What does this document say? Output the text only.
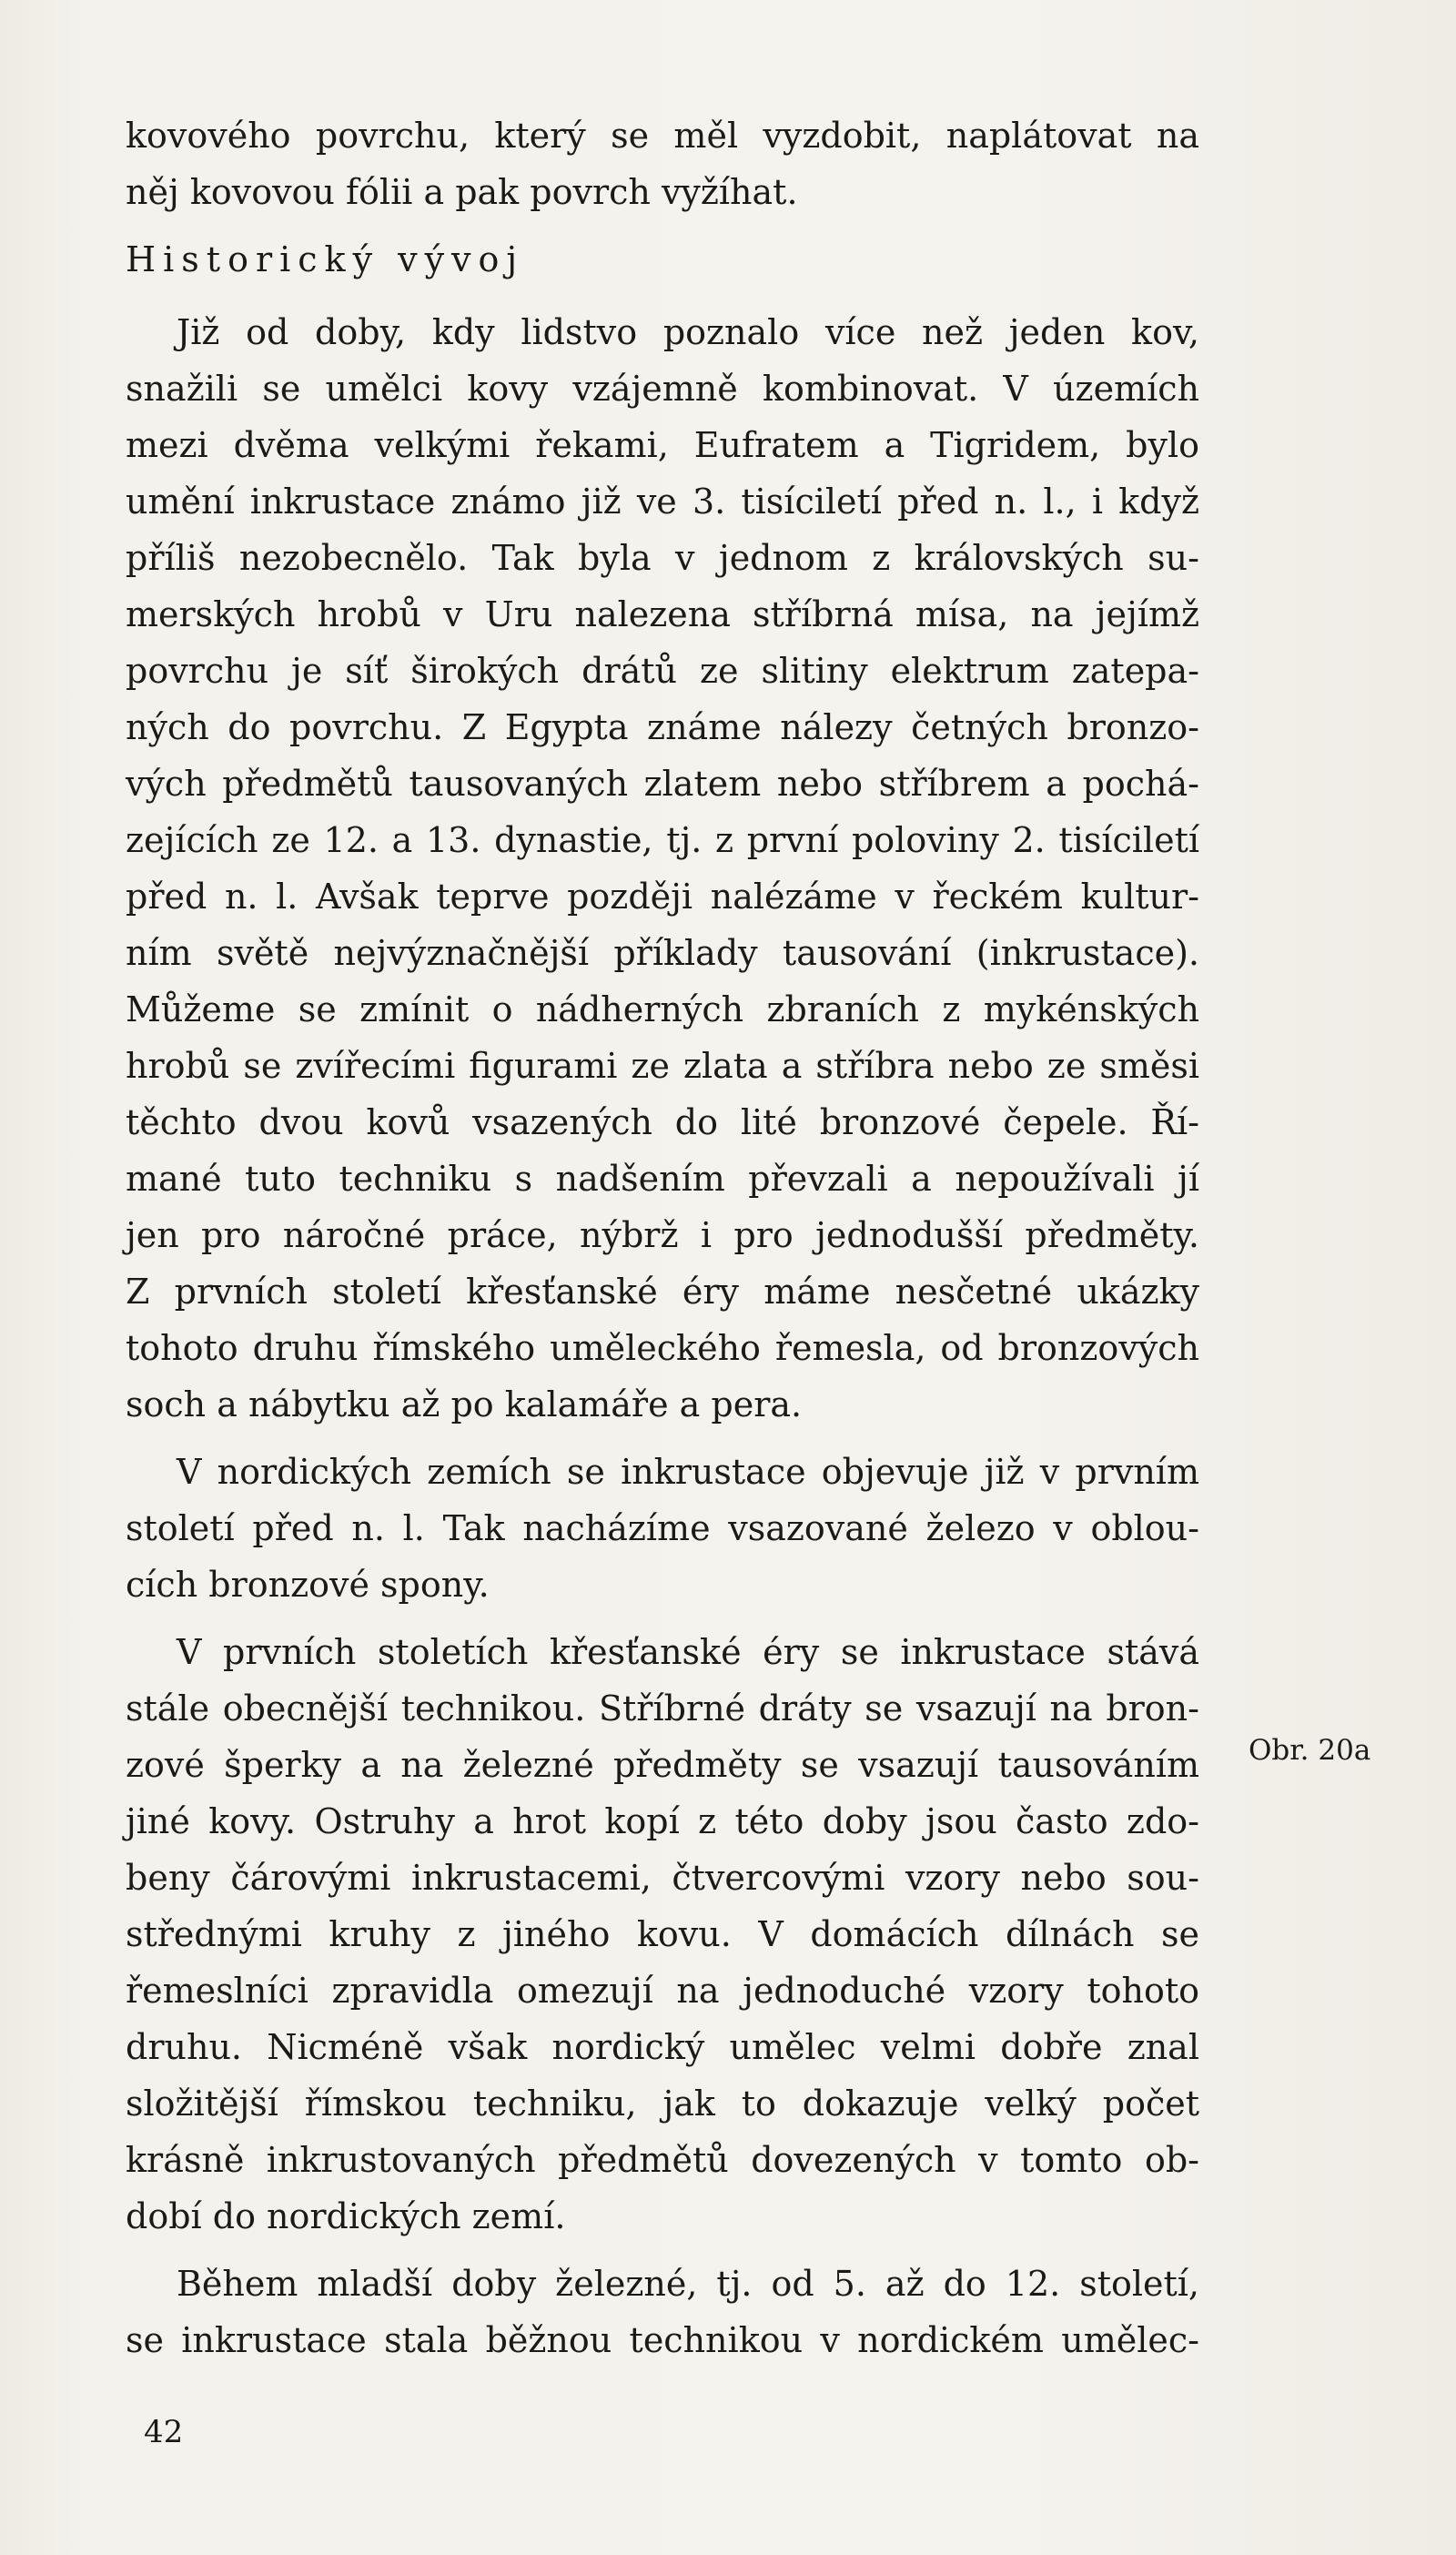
kovového povrchu, který se měl vyzdobit, naplátovat na
něj kovovou fólii a pak povrch vyžíhat.
Historický vývoj
Již od doby, kdy lidstvo poznalo více než jeden kov,
snažili se umělci kovy vzájemně kombinovat. V územích
mezi dvěma velkými řekami, Eufratem a Tigridem, bylo
umění inkrustace známo již ve 3. tisíciletí před n. l., i když
příliš nezobecnělo. Tak byla v jednom z královských su-
merských hrobů v Uru nalezena stříbrná mísa, na jejímž
povrchu je síť širokých drátů ze slitiny elektrum zatepa-
ných do povrchu. Z Egypta známe nálezy četných bronzo-
vých předmětů tausovaných zlatem nebo stříbrem a pochá-
zejících ze 12. a 13. dynastie, tj. z první poloviny 2. tisíciletí
před n. l. Avšak teprve později nalézáme v řeckém kultur-
ním světě nejvýznačnější příklady tausování (inkrustace).
Můžeme se zmínit o nádherných zbraních z mykénských
hrobů se zvířecími figurami ze zlata a stříbra nebo ze směsi
těchto dvou kovů vsazených do lité bronzové čepele. Ří-
mané tuto techniku s nadšením převzali a nepoužívali jí
jen pro náročné práce, nýbrž i pro jednodušší předměty.
Z prvních století křesťanské éry máme nesčetné ukázky
tohoto druhu římského uměleckého řemesla, od bronzových
soch a nábytku až po kalamáře a pera.
V nordických zemích se inkrustace objevuje již v prvním
století před n. l. Tak nacházíme vsazované železo v oblou-
cích bronzové spony.
V prvních stoletích křesťanské éry se inkrustace stává
stále obecnější technikou. Stříbrné dráty se vsazují na bron-
zové šperky a na železné předměty se vsazují tausováním
jiné kovy. Ostruhy a hrot kopí z této doby jsou často zdo-
beny čárovými inkrustacemi, čtvercovými vzory nebo sou-
střednými kruhy z jiného kovu. V domácích dílnách se
řemeslníci zpravidla omezují na jednoduché vzory tohoto
druhu. Nicméně však nordický umělec velmi dobře znal
složitější římskou techniku, jak to dokazuje velký počet
krásně inkrustovaných předmětů dovezených v tomto ob-
dobí do nordických zemí.
Během mladší doby železné, tj. od 5. až do 12. století,
se inkrustace stala běžnou technikou v nordickém umělec-
Obr. 20a
42
